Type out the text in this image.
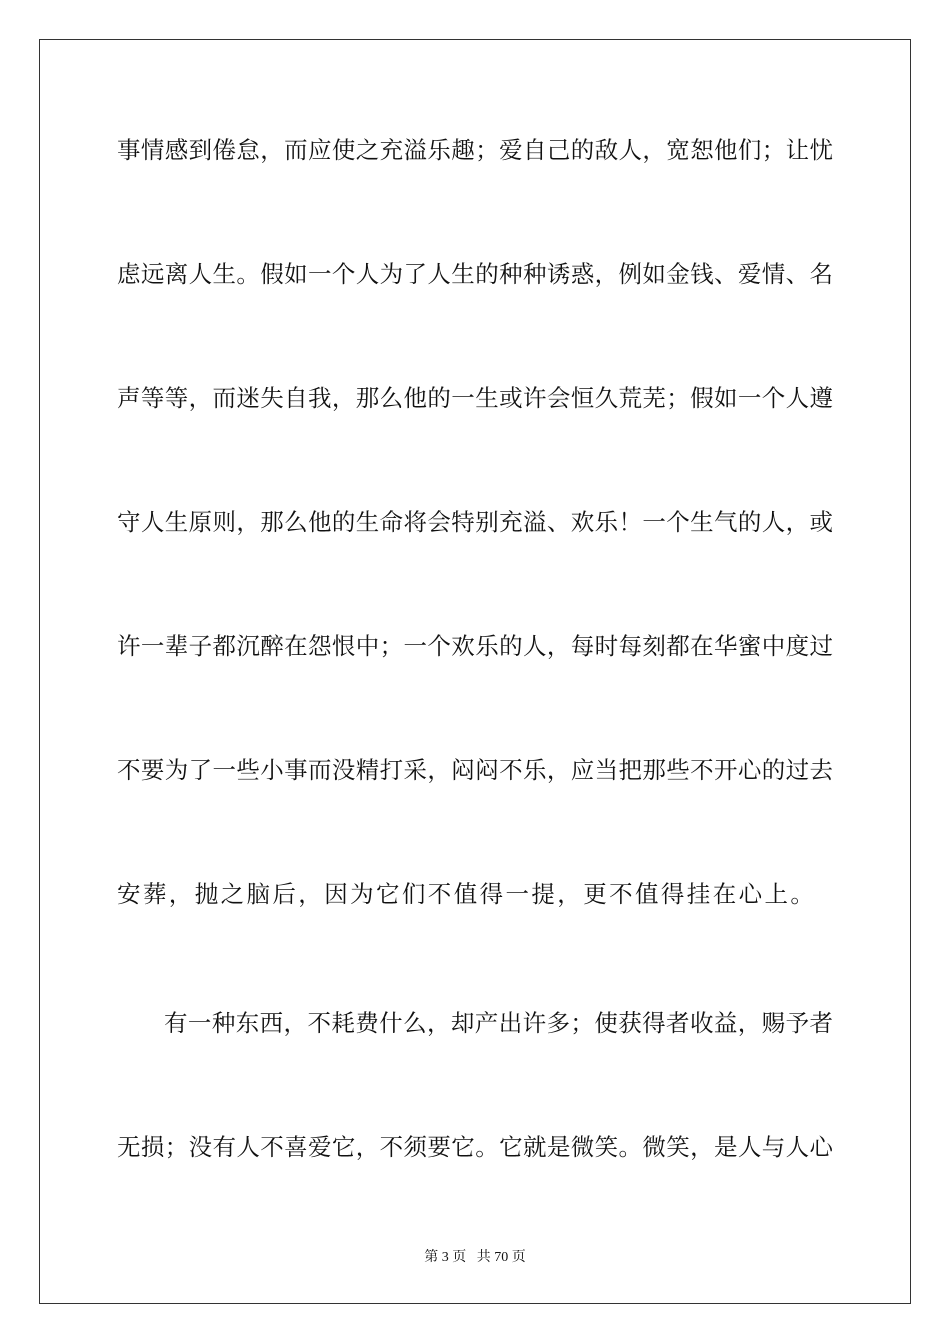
事情感到倦怠，而应使之充溢乐趣；爱自己的敌人，宽恕他们；让忧
虑远离人生。假如一个人为了人生的种种诱惑，例如金钱、爱情、名
声等等，而迷失自我，那么他的一生或许会恒久荒芜；假如一个人遵
守人生原则，那么他的生命将会特别充溢、欢乐！一个生气的人，或
许一辈子都沉醉在怨恨中；一个欢乐的人，每时每刻都在华蜜中度过
不要为了一些小事而没精打采，闷闷不乐，应当把那些不开心的过去
安葬，抛之脑后，因为它们不值得一提，更不值得挂在心上。
有一种东西，不耗费什么，却产出许多；使获得者收益，赐予者
无损；没有人不喜爱它，不须要它。它就是微笑。微笑，是人与人心
第 3 页 共 70 页
